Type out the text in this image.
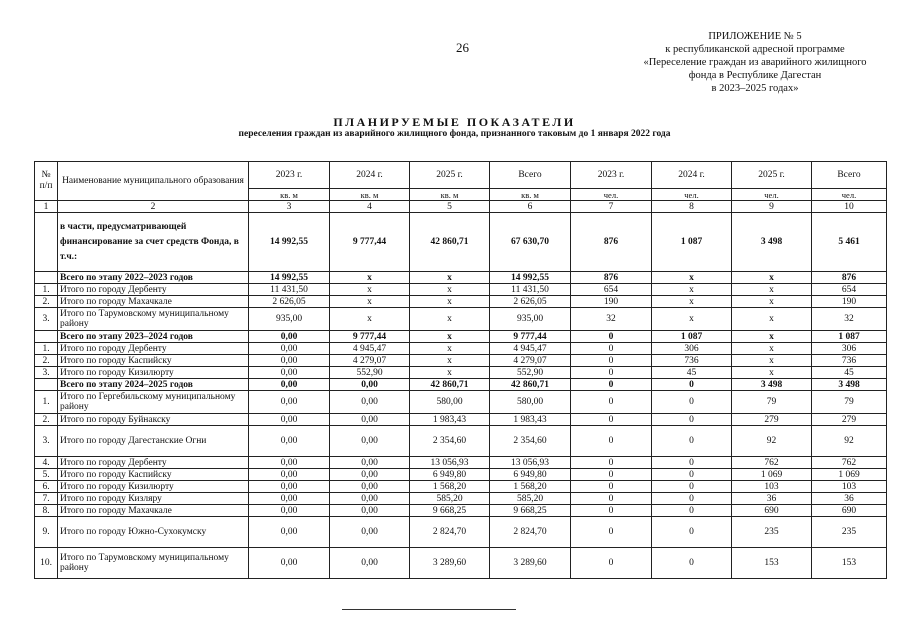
26
ПРИЛОЖЕНИЕ № 5
к республиканской адресной программе
«Переселение граждан из аварийного жилищного
фонда в Республике Дагестан
в 2023–2025 годах»
ПЛАНИРУЕМЫЕ ПОКАЗАТЕЛИ
переселения граждан из аварийного жилищного фонда, признанного таковым до 1 января 2022 года
№ п/п	Наименование муниципального образования	2023 г.	2024 г.	2025 г.	Всего	2023 г.	2024 г.	2025 г.	Всего
		кв. м	кв. м	кв. м	кв. м	чел.	чел.	чел.	чел.
1	2	3	4	5	6	7	8	9	10
	в части, предусматривающей финансирование за счет средств Фонда, в т.ч.:	14 992,55	9 777,44	42 860,71	67 630,70	876	1 087	3 498	5 461
	Всего по этапу 2022–2023 годов	14 992,55	х	х	14 992,55	876	х	х	876
1.	Итого по городу Дербенту	11 431,50	х	х	11 431,50	654	х	х	654
2.	Итого по городу Махачкале	2 626,05	х	х	2 626,05	190	х	х	190
3.	Итого по Тарумовскому муниципальному району	935,00	х	х	935,00	32	х	х	32
	Всего по этапу 2023–2024 годов	0,00	9 777,44	х	9 777,44	0	1 087	х	1 087
1.	Итого по городу Дербенту	0,00	4 945,47	х	4 945,47	0	306	х	306
2.	Итого по городу Каспийску	0,00	4 279,07	х	4 279,07	0	736	х	736
3.	Итого по городу Кизилюрту	0,00	552,90	х	552,90	0	45	х	45
	Всего по этапу 2024–2025 годов	0,00	0,00	42 860,71	42 860,71	0	0	3 498	3 498
1.	Итого по Гергебильскому муниципальному району	0,00	0,00	580,00	580,00	0	0	79	79
2.	Итого по городу Буйнакску	0,00	0,00	1 983,43	1 983,43	0	0	279	279
3.	Итого по городу Дагестанские Огни	0,00	0,00	2 354,60	2 354,60	0	0	92	92
4.	Итого по городу Дербенту	0,00	0,00	13 056,93	13 056,93	0	0	762	762
5.	Итого по городу Каспийску	0,00	0,00	6 949,80	6 949,80	0	0	1 069	1 069
6.	Итого по городу Кизилюрту	0,00	0,00	1 568,20	1 568,20	0	0	103	103
7.	Итого по городу Кизляру	0,00	0,00	585,20	585,20	0	0	36	36
8.	Итого по городу Махачкале	0,00	0,00	9 668,25	9 668,25	0	0	690	690
9.	Итого по городу Южно-Сухокумску	0,00	0,00	2 824,70	2 824,70	0	0	235	235
10.	Итого по Тарумовскому муниципальному району	0,00	0,00	3 289,60	3 289,60	0	0	153	153
